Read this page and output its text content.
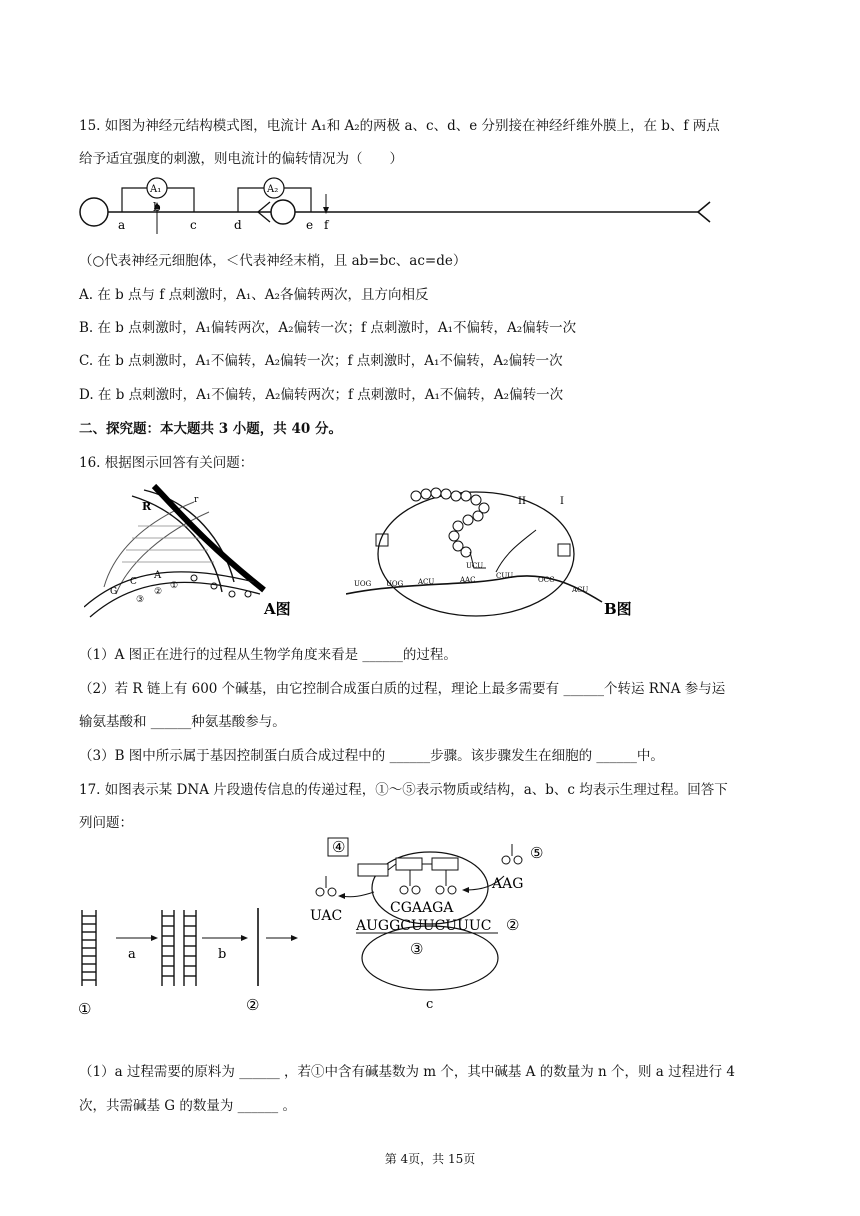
15. 如图为神经元结构模式图，电流计 A₁和 A₂的两极 a、c、d、e 分别接在神经纤维外膜上，在 b、f 两点
给予适宜强度的刺激，则电流计的偏转情况为（　　）
A₁	A₂
a
b
c	d	e f
（○代表神经元细胞体，＜代表神经末梢，且 ab=bc、ac=de）
A. 在 b 点与 f 点刺激时，A₁、A₂各偏转两次，且方向相反
B. 在 b 点刺激时，A₁偏转两次，A₂偏转一次；f 点刺激时，A₁不偏转，A₂偏转一次
C. 在 b 点刺激时，A₁不偏转，A₂偏转一次；f 点刺激时，A₁不偏转，A₂偏转一次
D. 在 b 点刺激时，A₁不偏转，A₂偏转两次；f 点刺激时，A₁不偏转，A₂偏转一次
二、探究题：本大题共 3 小题，共 40 分。
16. 根据图示回答有关问题：
R	r
A
C
G
①
②
③	A图
UCU
II	I
UOG UOG ACU	AAC	CUU	OCC
ACU
B图
（1）A 图正在进行的过程从生物学角度来看是 ______的过程。
（2）若 R 链上有 600 个碱基，由它控制合成蛋白质的过程，理论上最多需要有 ______个转运 RNA 参与运
输氨基酸和 ______种氨基酸参与。
（3）B 图中所示属于基因控制蛋白质合成过程中的 ______步骤。该步骤发生在细胞的 ______中。
17. 如图表示某 DNA 片段遗传信息的传递过程，①～⑤表示物质或结构，a、b、c 均表示生理过程。回答下
列问题：
a	b
①	②
③
c
④
UAC
AAG
⑤
CGAAGA
AUGGCUUCUUUC ②
（1）a 过程需要的原料为 ______ ，若①中含有碱基数为 m 个，其中碱基 A 的数量为 n 个，则 a 过程进行 4
次，共需碱基 G 的数量为 ______ 。
第 4页，共 15页
